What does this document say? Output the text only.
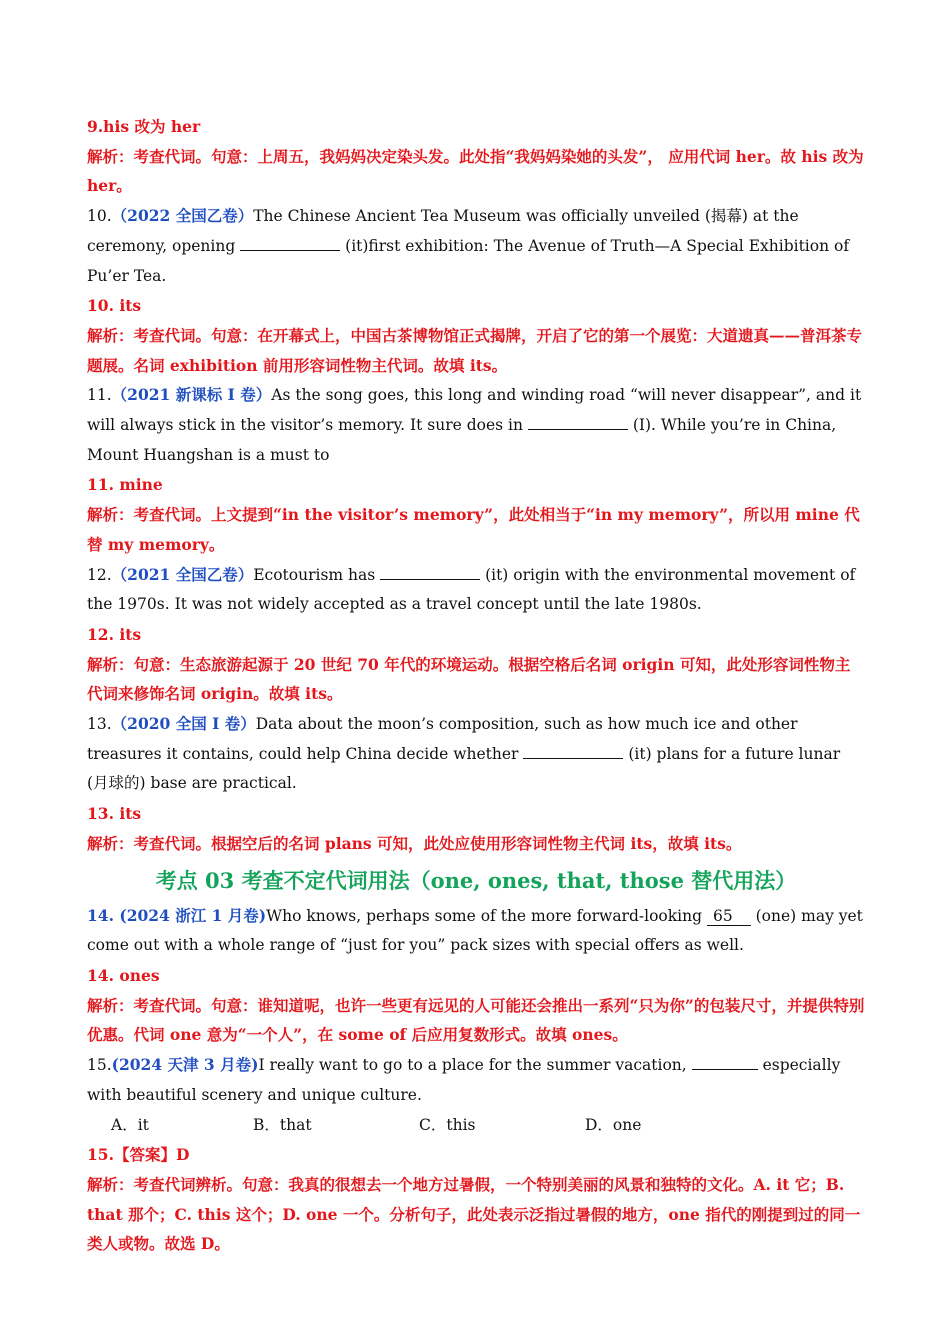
9.his 改为 her

解析：考查代词。句意：上周五，我妈妈决定染头发。此处指“我妈妈染她的头发”， 应用代词 her。故 his 改为 her。

10.（2022 全国乙卷）The Chinese Ancient Tea Museum was officially unveiled (揭幕) at the ceremony, opening	(it)first exhibition: The Avenue of Truth—A Special Exhibition of Pu’er Tea.

10. its

解析：考查代词。句意：在开幕式上，中国古茶博物馆正式揭牌，开启了它的第一个展览：大道遗真——普洱茶专题展。名词 exhibition 前用形容词性物主代词。故填 its。

11.（2021 新课标 I 卷）As the song goes, this long and winding road “will never disappear”, and it will always stick in the visitor’s memory. It sure does in	(I). While you’re in China, Mount Huangshan is a must to

11. mine

解析：考查代词。上文提到“in the visitor’s memory”，此处相当于“in my memory”，所以用 mine 代替 my memory。

12.（2021 全国乙卷）Ecotourism has	(it) origin with the environmental movement of the 1970s. It was not widely accepted as a travel concept until the late 1980s.

12. its

解析：句意：生态旅游起源于 20 世纪 70 年代的环境运动。根据空格后名词 origin 可知，此处形容词性物主代词来修饰名词 origin。故填 its。

13.（2020 全国 I 卷）Data about the moon’s composition, such as how much ice and other treasures it contains, could help China decide whether	(it) plans for a future lunar (月球的) base are practical.

13. its

解析：考查代词。根据空后的名词 plans 可知，此处应使用形容词性物主代词 its，故填 its。

考点 03 考查不定代词用法（one, ones, that, those 替代用法）

14. (2024 浙江 1 月卷)Who knows, perhaps some of the more forward-looking 65 (one) may yet come out with a whole range of “just for you” pack sizes with special offers as well.

14. ones

解析：考查代词。句意：谁知道呢，也许一些更有远见的人可能还会推出一系列“只为你”的包装尺寸，并提供特别优惠。代词 one 意为“一个人”，在 some of 后应用复数形式。故填 ones。

15.(2024 天津 3 月卷)I really want to go to a place for the summer vacation,	especially with beautiful scenery and unique culture.

A．it	B．that	C．this	D．one

15.【答案】D

解析：考查代词辨析。句意：我真的很想去一个地方过暑假，一个特别美丽的风景和独特的文化。A. it 它；B. that 那个；C. this 这个；D. one 一个。分析句子，此处表示泛指过暑假的地方，one 指代的刚提到过的同一类人或物。故选 D。
